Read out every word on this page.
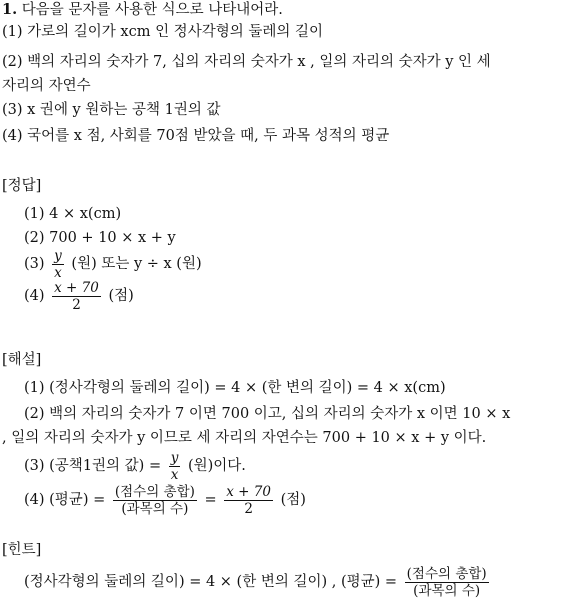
1. 다음을 문자를 사용한 식으로 나타내어라.
(1) 가로의 길이가 xcm 인 정사각형의 둘레의 길이
(2) 백의 자리의 숫자가 7, 십의 자리의 숫자가 x , 일의 자리의 숫자가 y 인 세
자리의 자연수
(3) x 권에 y 원하는 공책 1권의 값
(4) 국어를 x 점, 사회를 70점 받았을 때, 두 과목 성적의 평균
[정답]
(1) 4 × x(cm)
(2) 700 + 10 × x + y
$(3) \frac{y}{x}$ (원) 또는 y ÷ x (원)
$(4) \frac{x + 70}{2}$ (점)
[해설]
(1) (정사각형의 둘레의 길이) = 4 × (한 변의 길이) = 4 × x(cm)
(2) 백의 자리의 숫자가 7 이면 700 이고, 십의 자리의 숫자가 x 이면 10 × x
, 일의 자리의 숫자가 y 이므로 세 자리의 자연수는 700 + 10 × x + y 이다.
(3) (공책1권의 값) = $\frac{y}{x}$ (원)이다.
(4) (평균) = $\frac{\text{(점수의 총합)}}{\text{(과목의 수)}} = \frac{x + 70}{2}$ (점)
[힌트]
(정사각형의 둘레의 길이) = 4 × (한 변의 길이) , (평균) = $\frac{\text{(점수의 총합)}}{\text{(과목의 수)}}$
